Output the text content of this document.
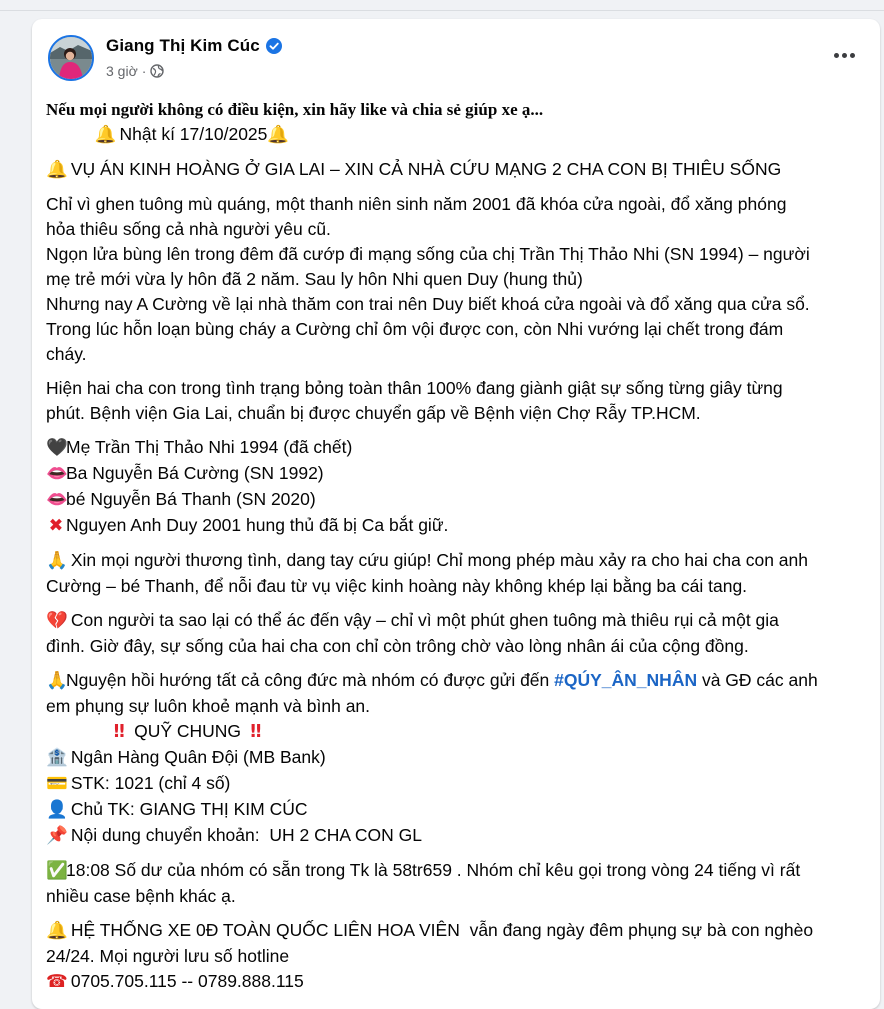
Giang Thị Kim Cúc
3 giờ ·
Nếu mọi người không có điều kiện, xin hãy like và chia sẻ giúp xe ạ...
🔔 Nhật kí 17/10/2025🔔
🔔 VỤ ÁN KINH HOÀNG Ở GIA LAI – XIN CẢ NHÀ CỨU MẠNG 2 CHA CON BỊ THIÊU SỐNG
Chỉ vì ghen tuông mù quáng, một thanh niên sinh năm 2001 đã khóa cửa ngoài, đổ xăng phóng
hỏa thiêu sống cả nhà người yêu cũ.
Ngọn lửa bùng lên trong đêm đã cướp đi mạng sống của chị Trần Thị Thảo Nhi (SN 1994) – người
mẹ trẻ mới vừa ly hôn đã 2 năm. Sau ly hôn Nhi quen Duy (hung thủ)
Nhưng nay A Cường về lại nhà thăm con trai nên Duy biết khoá cửa ngoài và đổ xăng qua cửa sổ.
Trong lúc hỗn loạn bùng cháy a Cường chỉ ôm vội được con, còn Nhi vướng lại chết trong đám
cháy.
Hiện hai cha con trong tình trạng bỏng toàn thân 100% đang giành giật sự sống từng giây từng
phút. Bệnh viện Gia Lai, chuẩn bị được chuyển gấp về Bệnh viện Chợ Rẫy TP.HCM.
🖤Mẹ Trần Thị Thảo Nhi 1994 (đã chết)
👄Ba Nguyễn Bá Cường (SN 1992)
👄bé Nguyễn Bá Thanh (SN 2020)
✖ Nguyen Anh Duy 2001 hung thủ đã bị Ca bắt giữ.
🙏 Xin mọi người thương tình, dang tay cứu giúp! Chỉ mong phép màu xảy ra cho hai cha con anh
Cường – bé Thanh, để nỗi đau từ vụ việc kinh hoàng này không khép lại bằng ba cái tang.
💔 Con người ta sao lại có thể ác đến vậy – chỉ vì một phút ghen tuông mà thiêu rụi cả một gia
đình. Giờ đây, sự sống của hai cha con chỉ còn trông chờ vào lòng nhân ái của cộng đồng.
🙏Nguyện hồi hướng tất cả công đức mà nhóm có được gửi đến #QÚY_ÂN_NHÂN và GĐ các anh
em phụng sự luôn khoẻ mạnh và bình an.
‼ QUỸ CHUNG ‼
🏦 Ngân Hàng Quân Đội (MB Bank)
💳 STK: 1021 (chỉ 4 số)
👤 Chủ TK: GIANG THỊ KIM CÚC
📌 Nội dung chuyển khoản:  UH 2 CHA CON GL
✅18:08 Số dư của nhóm có sẵn trong Tk là 58tr659 . Nhóm chỉ kêu gọi trong vòng 24 tiếng vì rất
nhiều case bệnh khác ạ.
🔔 HỆ THỐNG XE 0Đ TOÀN QUỐC LIÊN HOA VIÊN  vẫn đang ngày đêm phụng sự bà con nghèo
24/24. Mọi người lưu số hotline
☎ 0705.705.115 -- 0789.888.115
